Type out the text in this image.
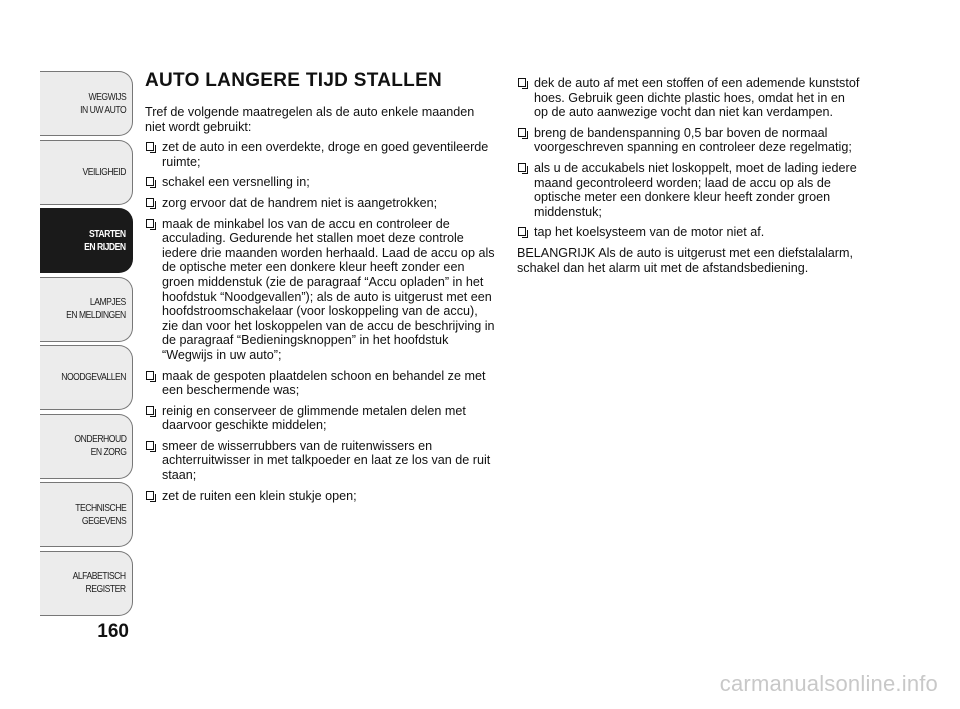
WEGWIJS
IN UW AUTO
VEILIGHEID
STARTEN
EN RIJDEN
LAMPJES
EN MELDINGEN
NOODGEVALLEN
ONDERHOUD
EN ZORG
TECHNISCHE
GEGEVENS
ALFABETISCH
REGISTER
160
AUTO LANGERE TIJD STALLEN

Tref de volgende maatregelen als de auto enkele maanden niet wordt gebruikt:

zet de auto in een overdekte, droge en goed geventileerde ruimte;
schakel een versnelling in;
zorg ervoor dat de handrem niet is aangetrokken;
maak de minkabel los van de accu en controleer de acculading. Gedurende het stallen moet deze controle iedere drie maanden worden herhaald. Laad de accu op als de optische meter een donkere kleur heeft zonder een groen middenstuk (zie de paragraaf “Accu opladen” in het hoofdstuk “Noodgevallen”); als de auto is uitgerust met een hoofdstroomschakelaar (voor loskoppeling van de accu), zie dan voor het loskoppelen van de accu de beschrijving in de paragraaf “Bedieningsknoppen” in het hoofdstuk “Wegwijs in uw auto”;
maak de gespoten plaatdelen schoon en behandel ze met een beschermende was;
reinig en conserveer de glimmende metalen delen met daarvoor geschikte middelen;
smeer de wisserrubbers van de ruitenwissers en achterruitwisser in met talkpoeder en laat ze los van de ruit staan;
zet de ruiten een klein stukje open;
dek de auto af met een stoffen of een ademende kunststof hoes. Gebruik geen dichte plastic hoes, omdat het in en op de auto aanwezige vocht dan niet kan verdampen.
breng de bandenspanning 0,5 bar boven de normaal voorgeschreven spanning en controleer deze regelmatig;
als u de accukabels niet loskoppelt, moet de lading iedere maand gecontroleerd worden; laad de accu op als de optische meter een donkere kleur heeft zonder groen middenstuk;
tap het koelsysteem van de motor niet af.

BELANGRIJK Als de auto is uitgerust met een diefstalalarm, schakel dan het alarm uit met de afstandsbediening.

carmanualsonline.info
